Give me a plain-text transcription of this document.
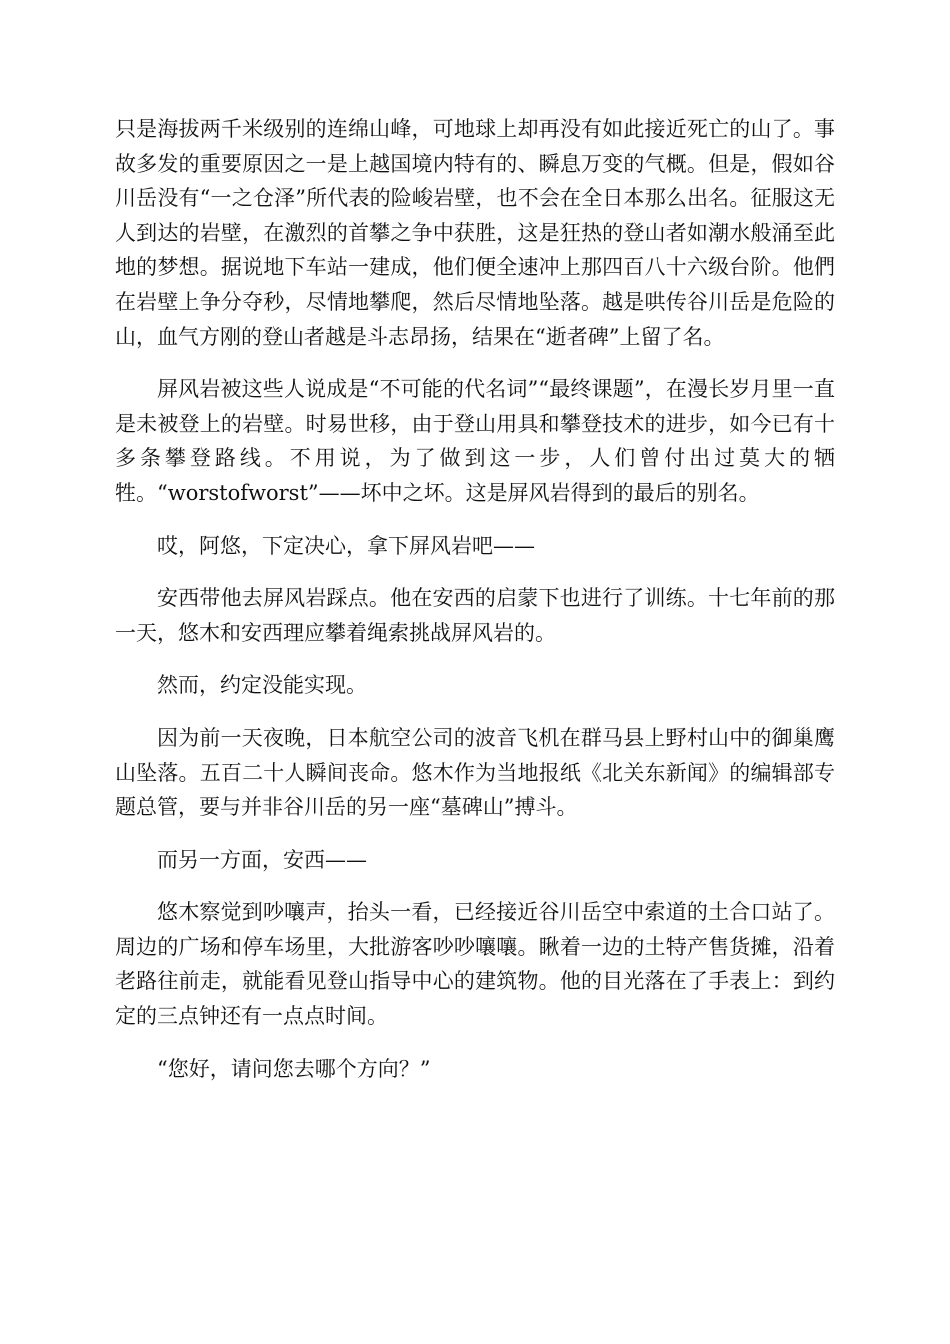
只是海拔两千米级别的连绵山峰，可地球上却再没有如此接近死亡的山了。事故多发的重要原因之一是上越国境内特有的、瞬息万变的气概。但是，假如谷川岳没有“一之仓泽”所代表的险峻岩壁，也不会在全日本那么出名。征服这无人到达的岩壁，在激烈的首攀之争中获胜，这是狂热的登山者如潮水般涌至此地的梦想。据说地下车站一建成，他们便全速冲上那四百八十六级台阶。他們在岩壁上争分夺秒，尽情地攀爬，然后尽情地坠落。越是哄传谷川岳是危险的山，血气方刚的登山者越是斗志昂扬，结果在“逝者碑”上留了名。

屏风岩被这些人说成是“不可能的代名词”“最终课题”，在漫长岁月里一直是未被登上的岩壁。时易世移，由于登山用具和攀登技术的进步，如今已有十多条攀登路线。不用说，为了做到这一步，人们曾付出过莫大的牺牲。“worstofworst”——坏中之坏。这是屏风岩得到的最后的别名。

哎，阿悠，下定决心，拿下屏风岩吧——

安西带他去屏风岩踩点。他在安西的启蒙下也进行了训练。十七年前的那一天，悠木和安西理应攀着绳索挑战屏风岩的。

然而，约定没能实现。

因为前一天夜晚，日本航空公司的波音飞机在群马县上野村山中的御巢鹰山坠落。五百二十人瞬间丧命。悠木作为当地报纸《北关东新闻》的编辑部专题总管，要与并非谷川岳的另一座“墓碑山”搏斗。

而另一方面，安西——

悠木察觉到吵嚷声，抬头一看，已经接近谷川岳空中索道的土合口站了。周边的广场和停车场里，大批游客吵吵嚷嚷。瞅着一边的土特产售货摊，沿着老路往前走，就能看见登山指导中心的建筑物。他的目光落在了手表上：到约定的三点钟还有一点点时间。

“您好，请问您去哪个方向？”
